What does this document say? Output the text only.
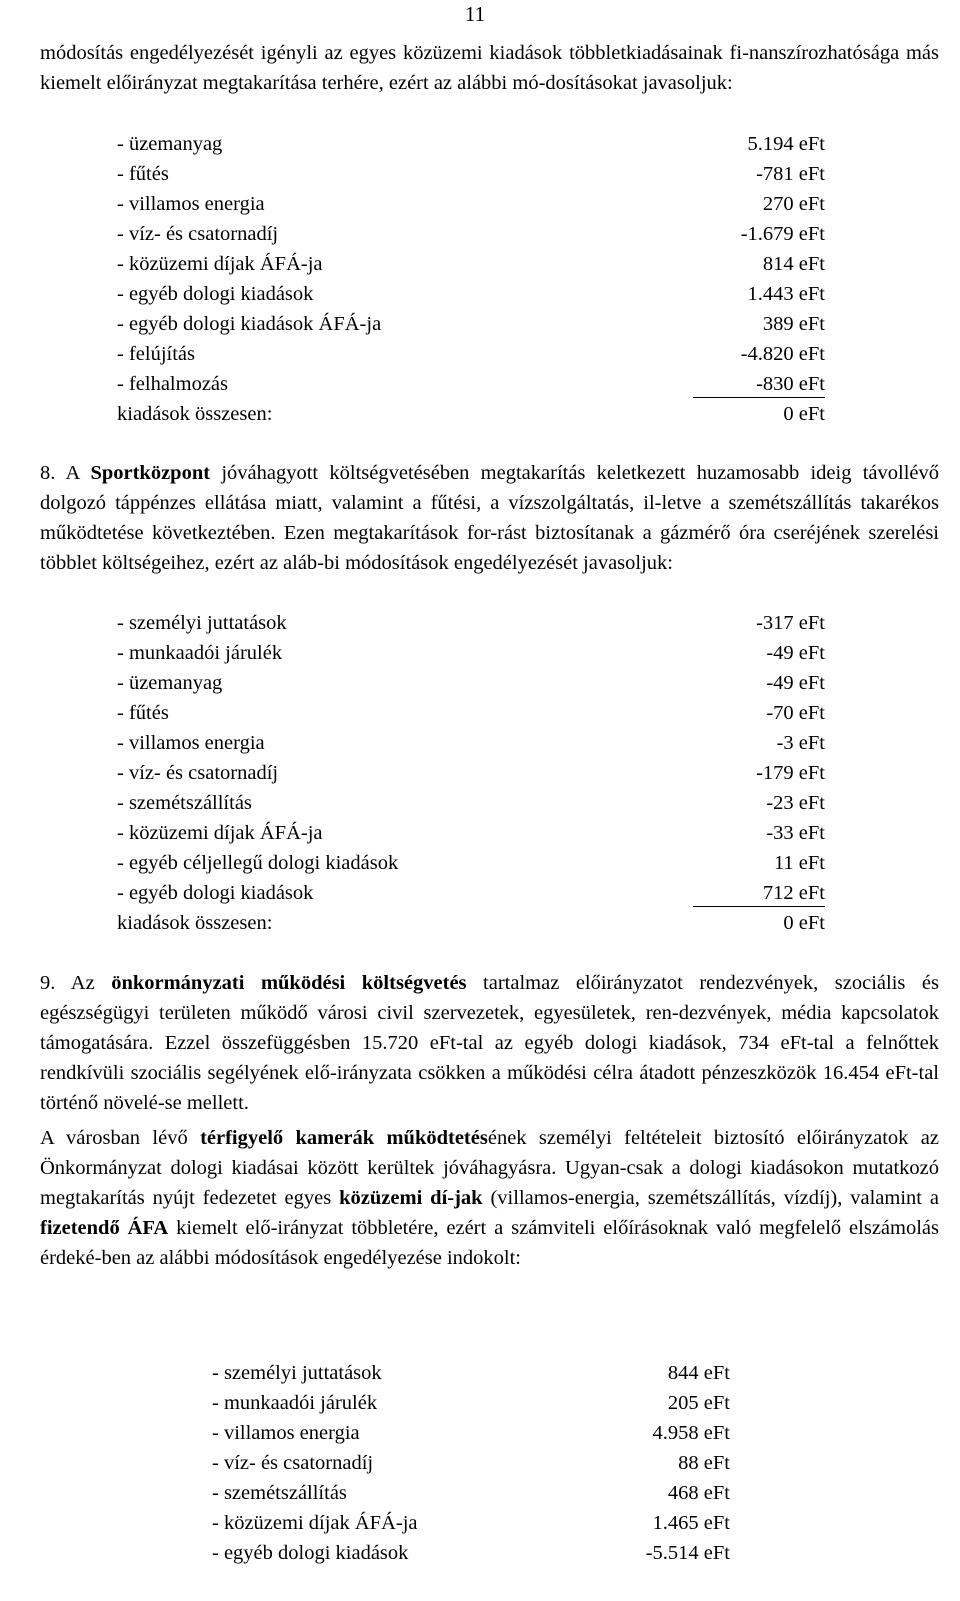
11

módosítás engedélyezését igényli az egyes közüzemi kiadások többletkiadásainak fi-nanszírozhatósága más kiemelt előirányzat megtakarítása terhére, ezért az alábbi mó-dosításokat javasoljuk:

- üzemanyag	5.194 eFt
- fűtés	-781 eFt
- villamos energia	270 eFt
- víz- és csatornadíj	-1.679 eFt
- közüzemi díjak ÁFÁ-ja	814 eFt
- egyéb dologi kiadások	1.443 eFt
- egyéb dologi kiadások ÁFÁ-ja	389 eFt
- felújítás	-4.820 eFt
- felhalmozás	-830 eFt
kiadások összesen:	0 eFt

8. A Sportközpont jóváhagyott költségvetésében megtakarítás keletkezett huzamosabb ideig távollévő dolgozó táppénzes ellátása miatt, valamint a fűtési, a vízszolgáltatás, il-letve a szemétszállítás takarékos működtetése következtében. Ezen megtakarítások for-rást biztosítanak a gázmérő óra cseréjének szerelési többlet költségeihez, ezért az aláb-bi módosítások engedélyezését javasoljuk:

- személyi juttatások	-317 eFt
- munkaadói járulék	-49 eFt
- üzemanyag	-49 eFt
- fűtés	-70 eFt
- villamos energia	-3 eFt
- víz- és csatornadíj	-179 eFt
- szemétszállítás	-23 eFt
- közüzemi díjak ÁFÁ-ja	-33 eFt
- egyéb céljellegű dologi kiadások	11 eFt
- egyéb dologi kiadások	712 eFt
kiadások összesen:	0 eFt

9. Az önkormányzati működési költségvetés tartalmaz előirányzatot rendezvények, szociális és egészségügyi területen működő városi civil szervezetek, egyesületek, ren-dezvények, média kapcsolatok támogatására. Ezzel összefüggésben 15.720 eFt-tal az egyéb dologi kiadások, 734 eFt-tal a felnőttek rendkívüli szociális segélyének elő-irányzata csökken a működési célra átadott pénzeszközök 16.454 eFt-tal történő növelé-se mellett.

A városban lévő térfigyelő kamerák működtetésének személyi feltételeit biztosító előirányzatok az Önkormányzat dologi kiadásai között kerültek jóváhagyásra. Ugyan-csak a dologi kiadásokon mutatkozó megtakarítás nyújt fedezetet egyes közüzemi dí-jak (villamos-energia, szemétszállítás, vízdíj), valamint a fizetendő ÁFA kiemelt elő-irányzat többletére, ezért a számviteli előírásoknak való megfelelő elszámolás érdeké-ben az alábbi módosítások engedélyezése indokolt:

- személyi juttatások	844 eFt
- munkaadói járulék	205 eFt
- villamos energia	4.958 eFt
- víz- és csatornadíj	88 eFt
- szemétszállítás	468 eFt
- közüzemi díjak ÁFÁ-ja	1.465 eFt
- egyéb dologi kiadások	-5.514 eFt
